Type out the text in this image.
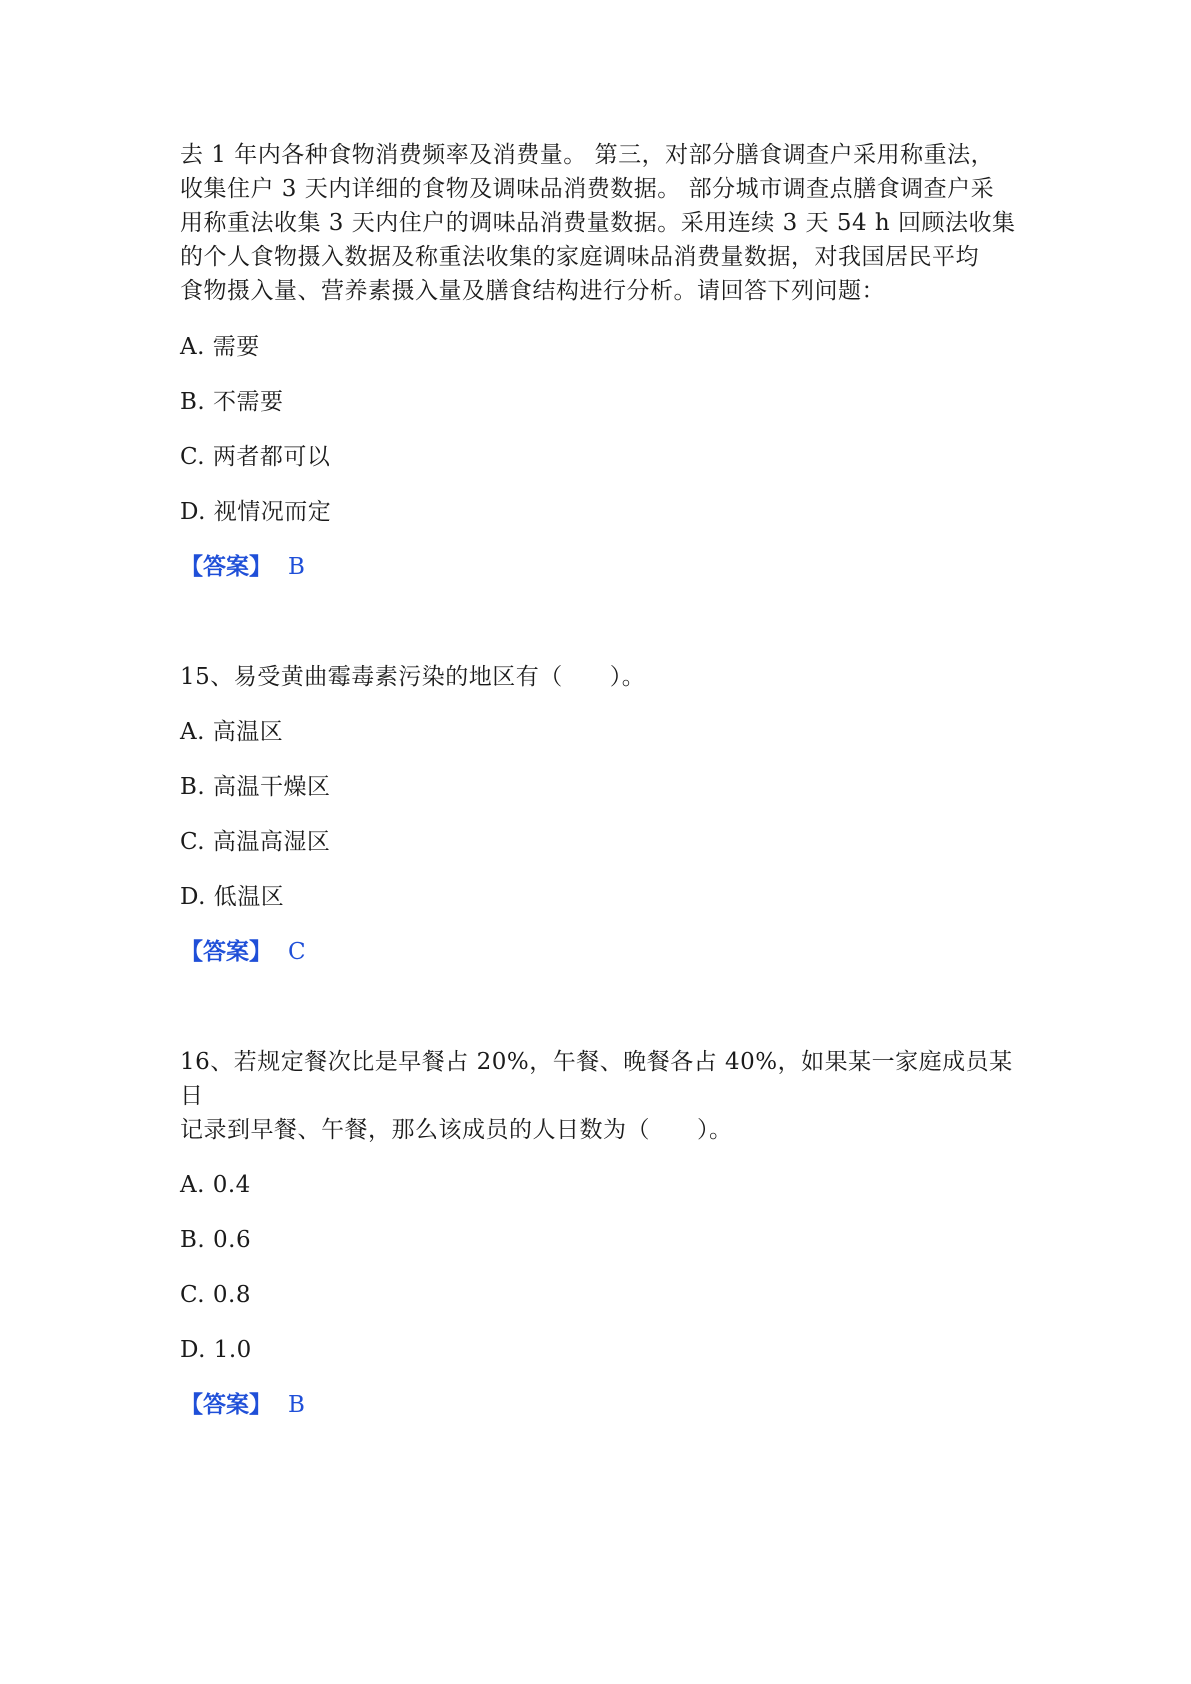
去 1 年内各种食物消费频率及消费量。 第三，对部分膳食调查户采用称重法，

收集住户 3 天内详细的食物及调味品消费数据。 部分城市调查点膳食调查户采

用称重法收集 3 天内住户的调味品消费量数据。采用连续 3 天 54 h 回顾法收集

的个人食物摄入数据及称重法收集的家庭调味品消费量数据，对我国居民平均

食物摄入量、营养素摄入量及膳食结构进行分析。请回答下列问题：

A. 需要

B. 不需要

C. 两者都可以

D. 视情况而定

【答案】 B

15、易受黄曲霉毒素污染的地区有（　　）。

A. 高温区

B. 高温干燥区

C. 高温高湿区

D. 低温区

【答案】 C

16、若规定餐次比是早餐占 20%，午餐、晚餐各占 40%，如果某一家庭成员某日

记录到早餐、午餐，那么该成员的人日数为（　　）。

A. 0.4

B. 0.6

C. 0.8

D. 1.0

【答案】 B
